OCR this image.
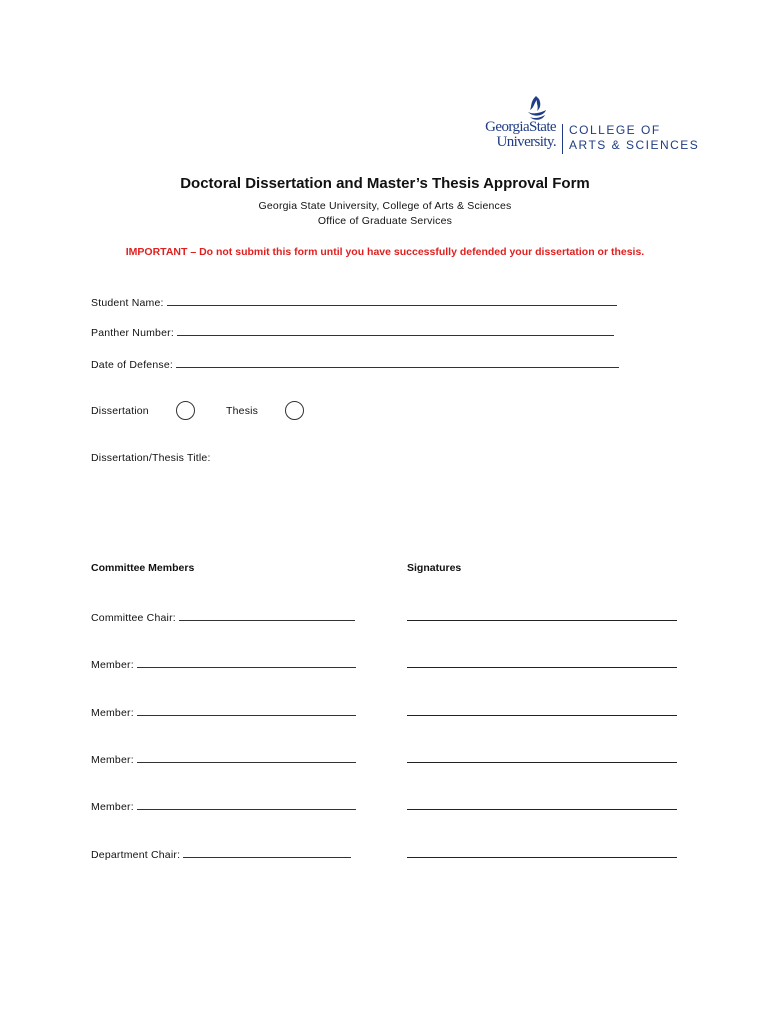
GeorgiaState
University.
COLLEGE OF
ARTS & SCIENCES
Doctoral Dissertation and Master’s Thesis Approval Form

Georgia State University, College of Arts & Sciences

Office of Graduate Services

IMPORTANT – Do not submit this form until you have successfully defended your dissertation or thesis.

Student Name:
Panther Number:
Date of Defense:
Dissertation	Thesis
Dissertation/Thesis Title:
Committee Members	Signatures
Committee Chair:
Member:
Member:
Member:
Member:
Department Chair:
